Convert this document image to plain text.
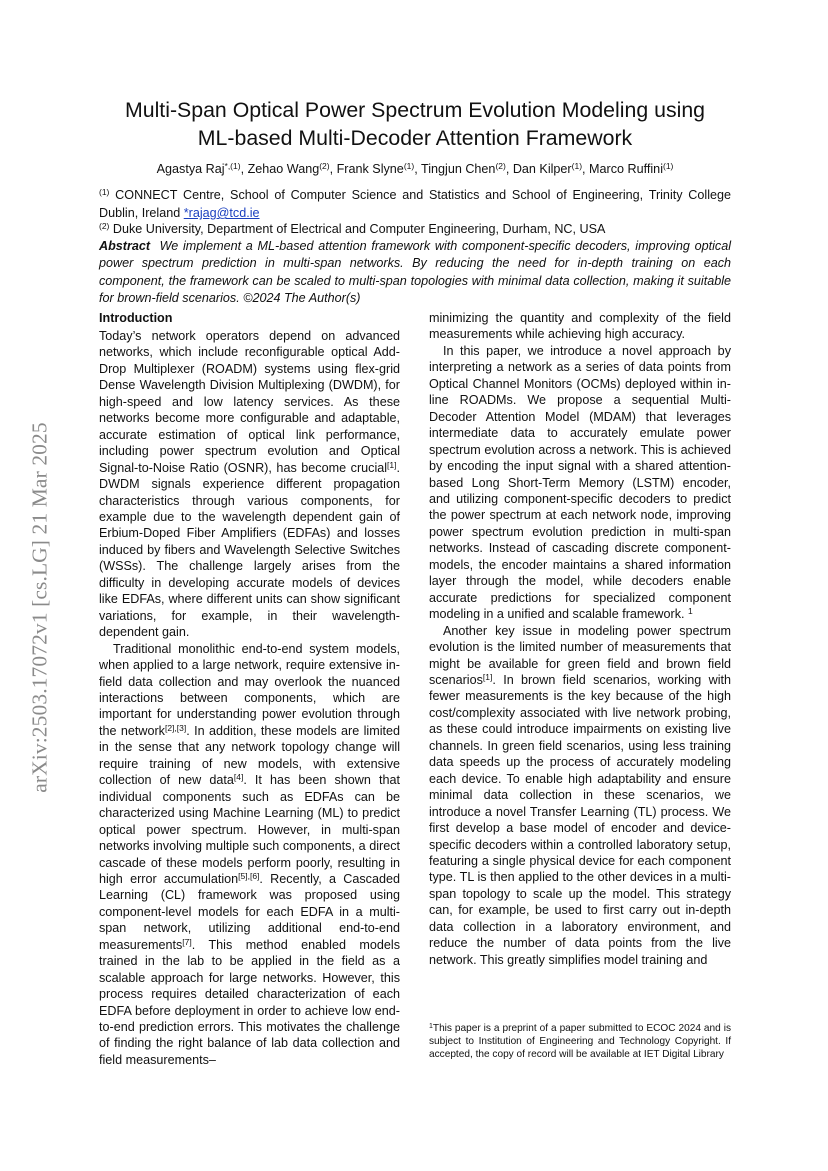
arXiv:2503.17072v1 [cs.LG] 21 Mar 2025
Multi-Span Optical Power Spectrum Evolution Modeling using
ML-based Multi-Decoder Attention Framework
Agastya Raj$^{*,(1)}$, Zehao Wang$^{(2)}$, Frank Slyne$^{(1)}$, Tingjun Chen$^{(2)}$, Dan Kilper$^{(1)}$, Marco Ruffini$^{(1)}$
$^{(1)}$ CONNECT Centre, School of Computer Science and Statistics and School of Engineering, Trinity College Dublin, Ireland *rajag@tcd.ie
$^{(2)}$ Duke University, Department of Electrical and Computer Engineering, Durham, NC, USA
Abstract We implement a ML-based attention framework with component-specific decoders, improving optical power spectrum prediction in multi-span networks. By reducing the need for in-depth training on each component, the framework can be scaled to multi-span topologies with minimal data collection, making it suitable for brown-field scenarios. ©2024 The Author(s)
Introduction

Today’s network operators depend on advanced networks, which include reconfigurable optical Add-Drop Multiplexer (ROADM) systems using flex-grid Dense Wavelength Division Multiplexing (DWDM), for high-speed and low latency services. As these networks become more configurable and adaptable, accurate estimation of optical link performance, including power spectrum evolution and Optical Signal-to-Noise Ratio (OSNR), has become crucial[1]. DWDM signals experience different propagation characteristics through various components, for example due to the wavelength dependent gain of Erbium-Doped Fiber Amplifiers (EDFAs) and losses induced by fibers and Wavelength Selective Switches (WSSs). The challenge largely arises from the difficulty in developing accurate models of devices like EDFAs, where different units can show significant variations, for example, in their wavelength-dependent gain.

Traditional monolithic end-to-end system models, when applied to a large network, require extensive in-field data collection and may overlook the nuanced interactions between components, which are important for understanding power evolution through the network[2],[3]. In addition, these models are limited in the sense that any network topology change will require training of new models, with extensive collection of new data[4]. It has been shown that individual components such as EDFAs can be characterized using Machine Learning (ML) to predict optical power spectrum. However, in multi-span networks involving multiple such components, a direct cascade of these models perform poorly, resulting in high error accumulation[5],[6]. Recently, a Cascaded Learning (CL) framework was proposed using component-level models for each EDFA in a multi-span network, utilizing additional end-to-end measurements[7]. This method enabled models trained in the lab to be applied in the field as a scalable approach for large networks. However, this process requires detailed characterization of each EDFA before deployment in order to achieve low end-to-end prediction errors. This motivates the challenge of finding the right balance of lab data collection and field measurements–

minimizing the quantity and complexity of the field measurements while achieving high accuracy.

In this paper, we introduce a novel approach by interpreting a network as a series of data points from Optical Channel Monitors (OCMs) deployed within in-line ROADMs. We propose a sequential Multi-Decoder Attention Model (MDAM) that leverages intermediate data to accurately emulate power spectrum evolution across a network. This is achieved by encoding the input signal with a shared attention-based Long Short-Term Memory (LSTM) encoder, and utilizing component-specific decoders to predict the power spectrum at each network node, improving power spectrum evolution prediction in multi-span networks. Instead of cascading discrete component-models, the encoder maintains a shared information layer through the model, while decoders enable accurate predictions for specialized component modeling in a unified and scalable framework. $^1$

Another key issue in modeling power spectrum evolution is the limited number of measurements that might be available for green field and brown field scenarios[1]. In brown field scenarios, working with fewer measurements is the key because of the high cost/complexity associated with live network probing, as these could introduce impairments on existing live channels. In green field scenarios, using less training data speeds up the process of accurately modeling each device. To enable high adaptability and ensure minimal data collection in these scenarios, we introduce a novel Transfer Learning (TL) process. We first develop a base model of encoder and device-specific decoders within a controlled laboratory setup, featuring a single physical device for each component type. TL is then applied to the other devices in a multi-span topology to scale up the model. This strategy can, for example, be used to first carry out in-depth data collection in a laboratory environment, and reduce the number of data points from the live network. This greatly simplifies model training and

$^1$This paper is a preprint of a paper submitted to ECOC 2024 and is subject to Institution of Engineering and Technology Copyright. If accepted, the copy of record will be available at IET Digital Library
